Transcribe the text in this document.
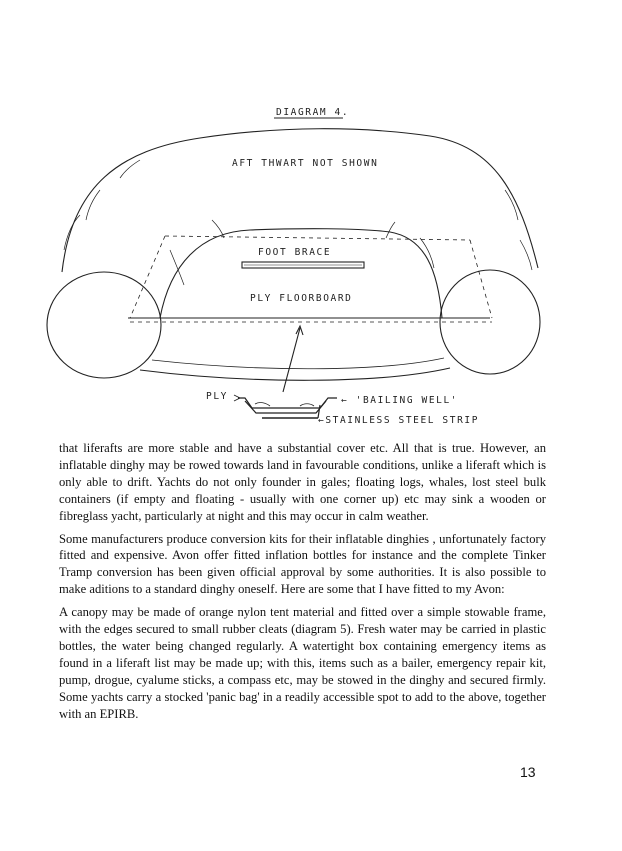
DIAGRAM 4.
AFT THWART NOT SHOWN
FOOT BRACE
PLY FLOORBOARD
PLY	← 'BAILING WELL'
←STAINLESS STEEL STRIP

that liferafts are more stable and have a substantial cover etc. All that is true. However, an inflatable dinghy may be rowed towards land in favourable conditions, unlike a liferaft which is only able to drift. Yachts do not only founder in gales; floating logs, whales, lost steel bulk containers (if empty and floating - usually with one corner up) etc may sink a wooden or fibreglass yacht, particularly at night and this may occur in calm weather.

Some manufacturers produce conversion kits for their inflatable dinghies , unfortunately factory fitted and expensive. Avon offer fitted inflation bottles for instance and the complete Tinker Tramp conversion has been given official approval by some authorities. It is also possible to make aditions to a standard dinghy oneself. Here are some that I have fitted to my Avon:

A canopy may be made of orange nylon tent material and fitted over a simple stowable frame, with the edges secured to small rubber cleats (diagram 5). Fresh water may be carried in plastic bottles, the water being changed regularly. A watertight box containing emergency items as found in a liferaft list may be made up; with this, items such as a bailer, emergency repair kit, pump, drogue, cyalume sticks, a compass etc, may be stowed in the dinghy and secured firmly. Some yachts carry a stocked 'panic bag' in a readily accessible spot to add to the above, together with an EPIRB.

13
